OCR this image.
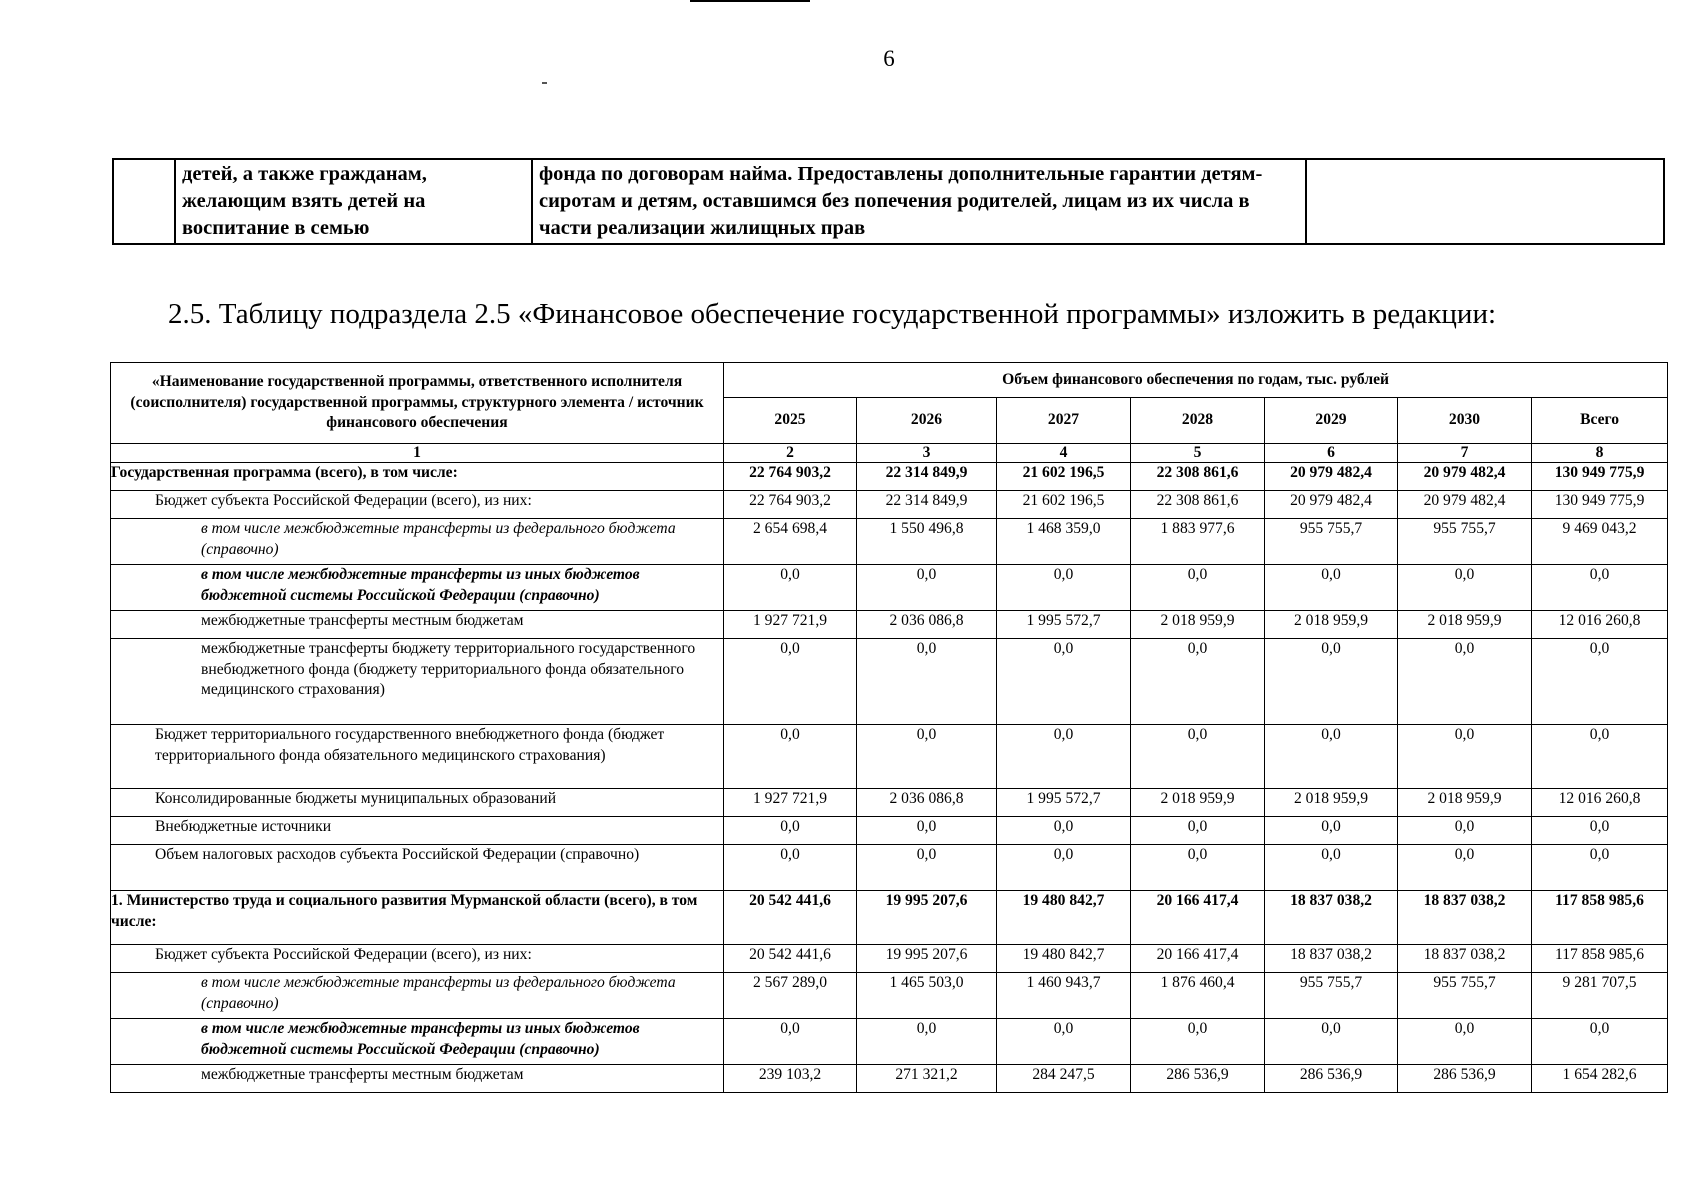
6
	детей, а также гражданам, желающим взять детей на воспитание в семью	фонда по договорам найма. Предоставлены дополнительные гарантии детям-сиротам и детям, оставшимся без попечения родителей, лицам из их числа в части реализации жилищных прав	
2.5. Таблицу подраздела 2.5 «Финансовое обеспечение государственной программы» изложить в редакции:
«Наименование государственной программы, ответственного исполнителя (соисполнителя) государственной программы, структурного элемента / источник финансового обеспечения	Объем финансового обеспечения по годам, тыс. рублей						
	2025	2026	2027	2028	2029	2030	Всего
1	2	3	4	5	6	7	8
Государственная программа (всего), в том числе:	22 764 903,2	22 314 849,9	21 602 196,5	22 308 861,6	20 979 482,4	20 979 482,4	130 949 775,9
Бюджет субъекта Российской Федерации (всего), из них:	22 764 903,2	22 314 849,9	21 602 196,5	22 308 861,6	20 979 482,4	20 979 482,4	130 949 775,9
в том числе межбюджетные трансферты из федерального бюджета (справочно)	2 654 698,4	1 550 496,8	1 468 359,0	1 883 977,6	955 755,7	955 755,7	9 469 043,2
в том числе межбюджетные трансферты из иных бюджетов бюджетной системы Российской Федерации (справочно)	0,0	0,0	0,0	0,0	0,0	0,0	0,0
межбюджетные трансферты местным бюджетам	1 927 721,9	2 036 086,8	1 995 572,7	2 018 959,9	2 018 959,9	2 018 959,9	12 016 260,8
межбюджетные трансферты бюджету территориального государственного внебюджетного фонда (бюджету территориального фонда обязательного медицинского страхования)	0,0	0,0	0,0	0,0	0,0	0,0	0,0
Бюджет территориального государственного внебюджетного фонда (бюджет территориального фонда обязательного медицинского страхования)	0,0	0,0	0,0	0,0	0,0	0,0	0,0
Консолидированные бюджеты муниципальных образований	1 927 721,9	2 036 086,8	1 995 572,7	2 018 959,9	2 018 959,9	2 018 959,9	12 016 260,8
Внебюджетные источники	0,0	0,0	0,0	0,0	0,0	0,0	0,0
Объем налоговых расходов субъекта Российской Федерации (справочно)	0,0	0,0	0,0	0,0	0,0	0,0	0,0
1. Министерство труда и социального развития Мурманской области (всего), в том числе:	20 542 441,6	19 995 207,6	19 480 842,7	20 166 417,4	18 837 038,2	18 837 038,2	117 858 985,6
Бюджет субъекта Российской Федерации (всего), из них:	20 542 441,6	19 995 207,6	19 480 842,7	20 166 417,4	18 837 038,2	18 837 038,2	117 858 985,6
в том числе межбюджетные трансферты из федерального бюджета (справочно)	2 567 289,0	1 465 503,0	1 460 943,7	1 876 460,4	955 755,7	955 755,7	9 281 707,5
в том числе межбюджетные трансферты из иных бюджетов бюджетной системы Российской Федерации (справочно)	0,0	0,0	0,0	0,0	0,0	0,0	0,0
межбюджетные трансферты местным бюджетам	239 103,2	271 321,2	284 247,5	286 536,9	286 536,9	286 536,9	1 654 282,6
